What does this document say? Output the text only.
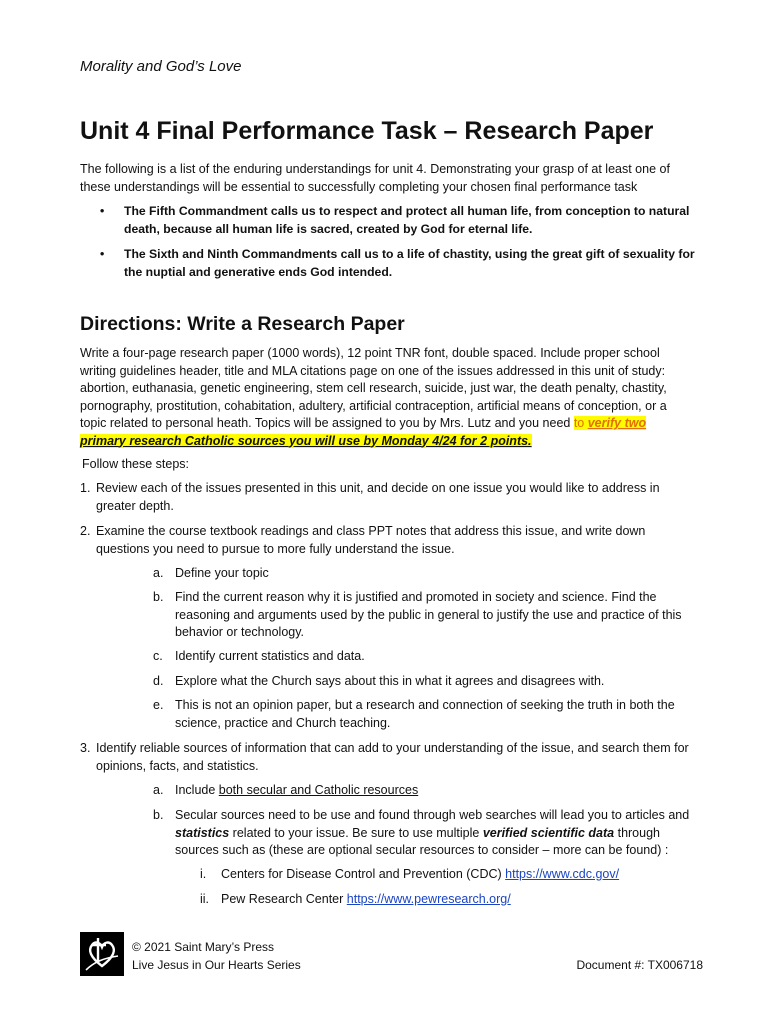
Morality and God’s Love
Unit 4 Final Performance Task – Research Paper

The following is a list of the enduring understandings for unit 4. Demonstrating your grasp of at least one of these understandings will be essential to successfully completing your chosen final performance task

• The Fifth Commandment calls us to respect and protect all human life, from conception to natural death, because all human life is sacred, created by God for eternal life.
• The Sixth and Ninth Commandments call us to a life of chastity, using the great gift of sexuality for the nuptial and generative ends God intended.
Directions: Write a Research Paper

Write a four-page research paper (1000 words), 12 point TNR font, double spaced. Include proper school writing guidelines header, title and MLA citations page on one of the issues addressed in this unit of study: abortion, euthanasia, genetic engineering, stem cell research, suicide, just war, the death penalty, chastity, pornography, prostitution, cohabitation, adultery, artificial contraception, artificial means of conception, or a topic related to personal heath. Topics will be assigned to you by Mrs. Lutz and you need to verify two
primary research Catholic sources you will use by Monday 4/24 for 2 points.

Follow these steps:
1. Review each of the issues presented in this unit, and decide on one issue you would like to address in greater depth.
2. Examine the course textbook readings and class PPT notes that address this issue, and write down questions you need to pursue to more fully understand the issue.
a. Define your topic
b. Find the current reason why it is justified and promoted in society and science. Find the reasoning and arguments used by the public in general to justify the use and practice of this behavior or technology.
c. Identify current statistics and data.
d. Explore what the Church says about this in what it agrees and disagrees with.
e. This is not an opinion paper, but a research and connection of seeking the truth in both the science, practice and Church teaching.
3. Identify reliable sources of information that can add to your understanding of the issue, and search them for opinions, facts, and statistics.
a. Include both secular and Catholic resources
b. Secular sources need to be use and found through web searches will lead you to articles and statistics related to your issue. Be sure to use multiple verified scientific data through sources such as (these are optional secular resources to consider – more can be found) :
i. Centers for Disease Control and Prevention (CDC) https://www.cdc.gov/
ii. Pew Research Center https://www.pewresearch.org/
© 2021 Saint Mary’s Press
Live Jesus in Our Hearts Series	Document #: TX006718
